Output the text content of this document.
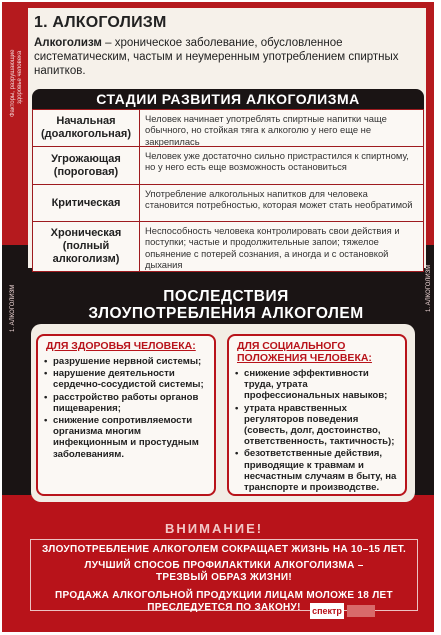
Факторы, разрушающие здоровье человека
1. АЛКОГОЛИЗМ	1. АЛКОГОЛИЗМ
1. АЛКОГОЛИЗМ
Алкоголизм – хроническое заболевание, обусловленное систематическим, частым и неумеренным употреблением спиртных напитков.
СТАДИИ РАЗВИТИЯ АЛКОГОЛИЗМА
Начальная (доалкогольная)
Человек начинает употреблять спиртные напитки чаще обычного, но стойкая тяга к алкоголю у него еще не закрепилась
Угрожающая (пороговая)
Человек уже достаточно сильно пристрастился к спиртному, но у него есть еще возможность остановиться
Критическая
Употребление алкогольных напитков для человека становится потребностью, которая может стать необратимой
Хроническая (полный алкоголизм)
Неспособность человека контролировать свои действия и поступки; частые и продолжительные запои; тяжелое опьянение с потерей сознания, а иногда и с остановкой дыхания
ПОСЛЕДСТВИЯ
ЗЛОУПОТРЕБЛЕНИЯ АЛКОГОЛЕМ
ДЛЯ ЗДОРОВЬЯ ЧЕЛОВЕКА:
• разрушение нервной системы;
• нарушение деятельности сердечно-сосудистой системы;
• расстройство работы органов пищеварения;
• снижение сопротивляемости организма многим инфекционным и простудным заболеваниям.
ДЛЯ СОЦИАЛЬНОГО ПОЛОЖЕНИЯ ЧЕЛОВЕКА:
• снижение эффективности труда, утрата профессиональных навыков;
• утрата нравственных регуляторов поведения (совесть, долг, достоинство, ответственность, тактичность);
• безответственные действия, приводящие к травмам и несчастным случаям в быту, на транспорте и производстве.
ВНИМАНИЕ!
ЗЛОУПОТРЕБЛЕНИЕ АЛКОГОЛЕМ СОКРАЩАЕТ ЖИЗНЬ НА 10–15 ЛЕТ.
ЛУЧШИЙ СПОСОБ ПРОФИЛАКТИКИ АЛКОГОЛИЗМА –
ТРЕЗВЫЙ ОБРАЗ ЖИЗНИ!
ПРОДАЖА АЛКОГОЛЬНОЙ ПРОДУКЦИИ ЛИЦАМ МОЛОЖЕ 18 ЛЕТ
ПРЕСЛЕДУЕТСЯ ПО ЗАКОНУ!	спектр
